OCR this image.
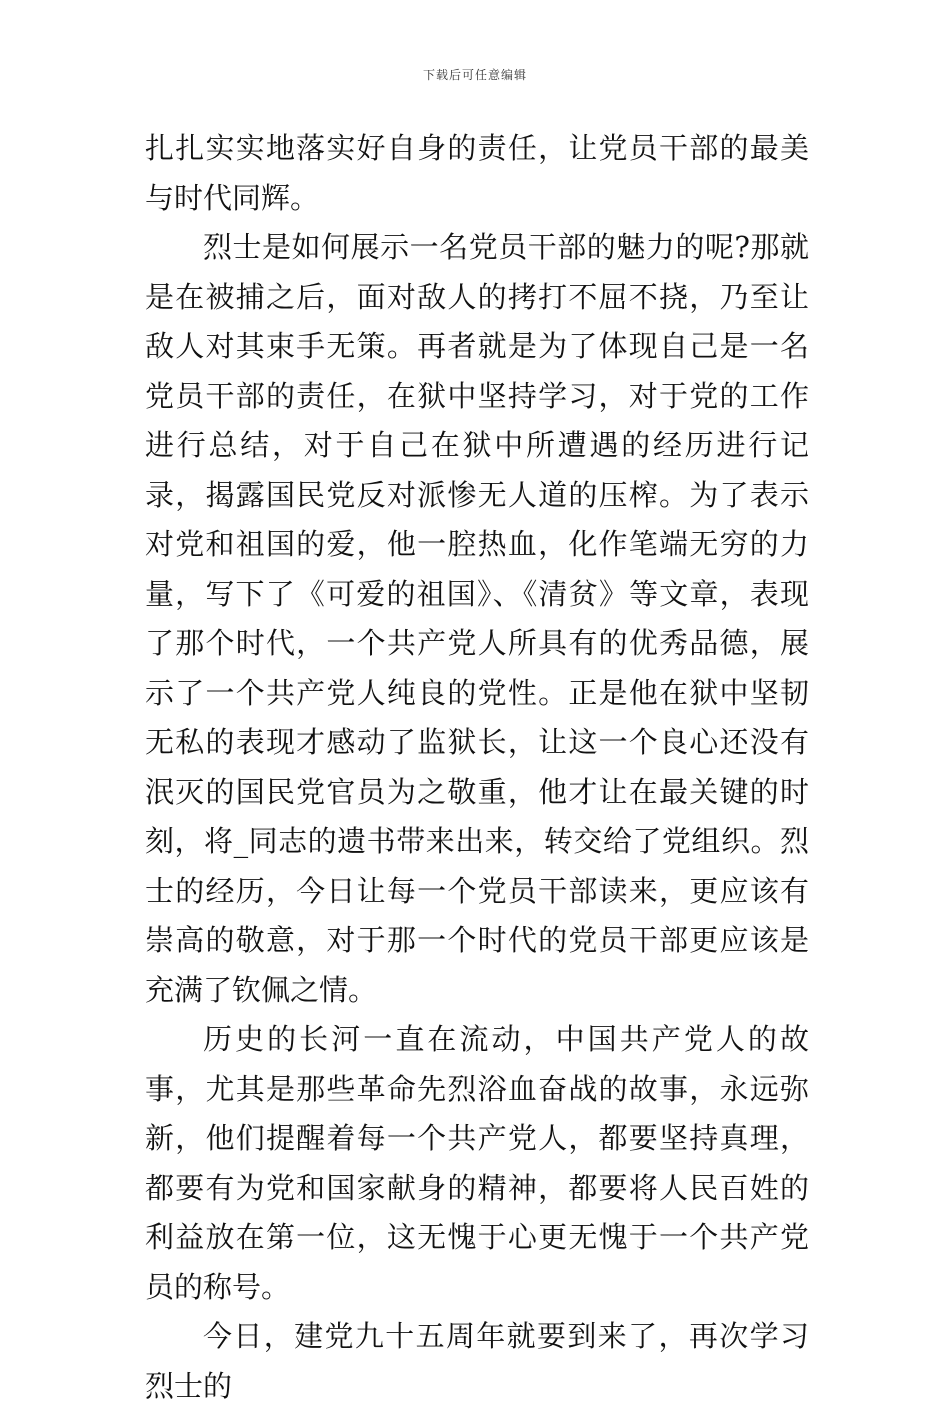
下载后可任意编辑

扎扎实实地落实好自身的责任，让党员干部的最美与时代同辉。

烈士是如何展示一名党员干部的魅力的呢?那就是在被捕之后，面对敌人的拷打不屈不挠，乃至让敌人对其束手无策。再者就是为了体现自己是一名党员干部的责任，在狱中坚持学习，对于党的工作进行总结，对于自己在狱中所遭遇的经历进行记录，揭露国民党反对派惨无人道的压榨。为了表示对党和祖国的爱，他一腔热血，化作笔端无穷的力量，写下了《可爱的祖国》、《清贫》等文章，表现了那个时代，一个共产党人所具有的优秀品德，展示了一个共产党人纯良的党性。正是他在狱中坚韧无私的表现才感动了监狱长，让这一个良心还没有泯灭的国民党官员为之敬重，他才让在最关键的时刻，将_同志的遗书带来出来，转交给了党组织。烈士的经历，今日让每一个党员干部读来，更应该有崇高的敬意，对于那一个时代的党员干部更应该是充满了钦佩之情。

历史的长河一直在流动，中国共产党人的故事，尤其是那些革命先烈浴血奋战的故事，永远弥新，他们提醒着每一个共产党人，都要坚持真理，都要有为党和国家献身的精神，都要将人民百姓的利益放在第一位，这无愧于心更无愧于一个共产党员的称号。

今日，建党九十五周年就要到来了，再次学习烈士的
